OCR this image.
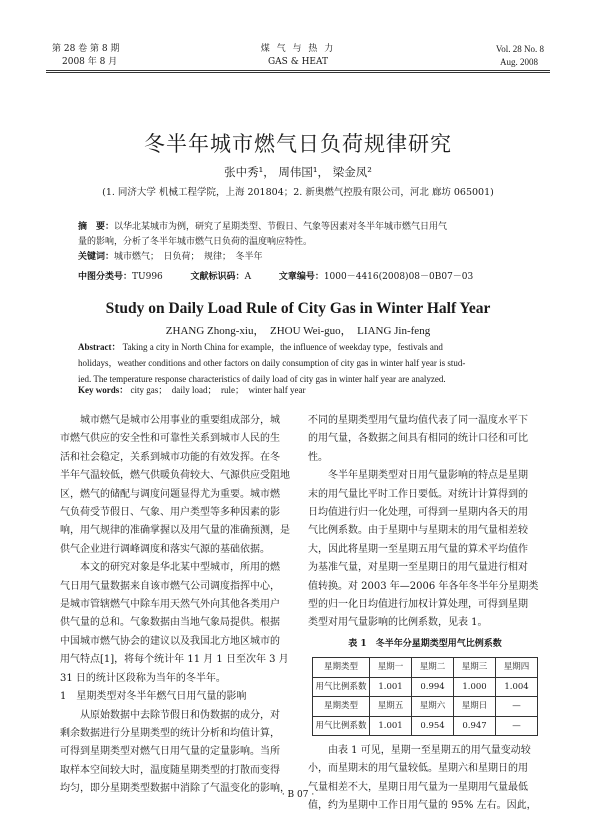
第 28 卷 第 8 期
2008 年 8 月
煤 气 与 热 力
GAS & HEAT
Vol. 28 No. 8
Aug. 2008
冬半年城市燃气日负荷规律研究
张中秀¹， 周伟国¹， 梁金凤²
(1. 同济大学 机械工程学院，上海 201804；2. 新奥燃气控股有限公司，河北 廊坊 065001)
摘　要：以华北某城市为例，研究了星期类型、节假日、气象等因素对冬半年城市燃气日用气
量的影响，分析了冬半年城市燃气日负荷的温度响应特性。
关键词：城市燃气；　日负荷；　规律；　冬半年
中图分类号：TU996	文献标识码：A	文章编号：1000－4416(2008)08－0B07－03
Study on Daily Load Rule of City Gas in Winter Half Year
ZHANG Zhong-xiu，　ZHOU Wei-guo，　LIANG Jin-feng
Abstract： Taking a city in North China for example，the influence of weekday type，festivals and
holidays，weather conditions and other factors on daily consumption of city gas in winter half year is stud-
ied. The temperature response characteristics of daily load of city gas in winter half year are analyzed.
Key words： city gas；　daily load；　rule；　winter half year
城市燃气是城市公用事业的重要组成部分，城

市燃气供应的安全性和可靠性关系到城市人民的生
活和社会稳定，关系到城市功能的有效发挥。在冬
半年气温较低，燃气供暖负荷较大、气源供应受阻地
区，燃气的储配与调度问题显得尤为重要。城市燃
气负荷受节假日、气象、用户类型等多种因素的影
响，用气规律的准确掌握以及用气量的准确预测，是
供气企业进行调峰调度和落实气源的基础依据。
本文的研究对象是华北某中型城市，所用的燃
气日用气量数据来自该市燃气公司调度指挥中心，
是城市管辖燃气中除车用天然气外向其他各类用户
供气量的总和。气象数据由当地气象局提供。根据
中国城市燃气协会的建议以及我国北方地区城市的
用气特点[1]，将每个统计年 11 月 1 日至次年 3 月
31 日的统计区段称为当年的冬半年。
1　星期类型对冬半年燃气日用气量的影响
从原始数据中去除节假日和伪数据的成分，对
剩余数据进行分星期类型的统计分析和均值计算，
可得到星期类型对燃气日用气量的定量影响。当所
取样本空间较大时，温度随星期类型的打散而变得
均匀，即分星期类型数据中消除了气温变化的影响，
不同的星期类型用气量均值代表了同一温度水平下
的用气量，各数据之间具有相同的统计口径和可比
性。
冬半年星期类型对日用气量影响的特点是星期
末的用气量比平时工作日要低。对统计计算得到的
日均值进行归一化处理，可得到一星期内各天的用
气比例系数。由于星期中与星期末的用气量相差较
大，因此将星期一至星期五用气量的算术平均值作
为基准气量，对星期一至星期日的用气量进行相对
值转换。对 2003 年—2006 年各年冬半年分星期类
型的归一化日均值进行加权计算处理，可得到星期
类型对用气量影响的比例系数，见表 1。
表 1　冬半年分星期类型用气比例系数
星期类型	星期一	星期二	星期三	星期四
用气比例系数	1.001	0.994	1.000	1.004
星期类型	星期五	星期六	星期日	—
用气比例系数	1.001	0.954	0.947	—
由表 1 可见，星期一至星期五的用气量变动较
小，而星期末的用气量较低。星期六和星期日的用
气量相差不大，星期日用气量为一星期用气量最低
值，约为星期中工作日用气量的 95% 左右。因此，
· B 07 ·
